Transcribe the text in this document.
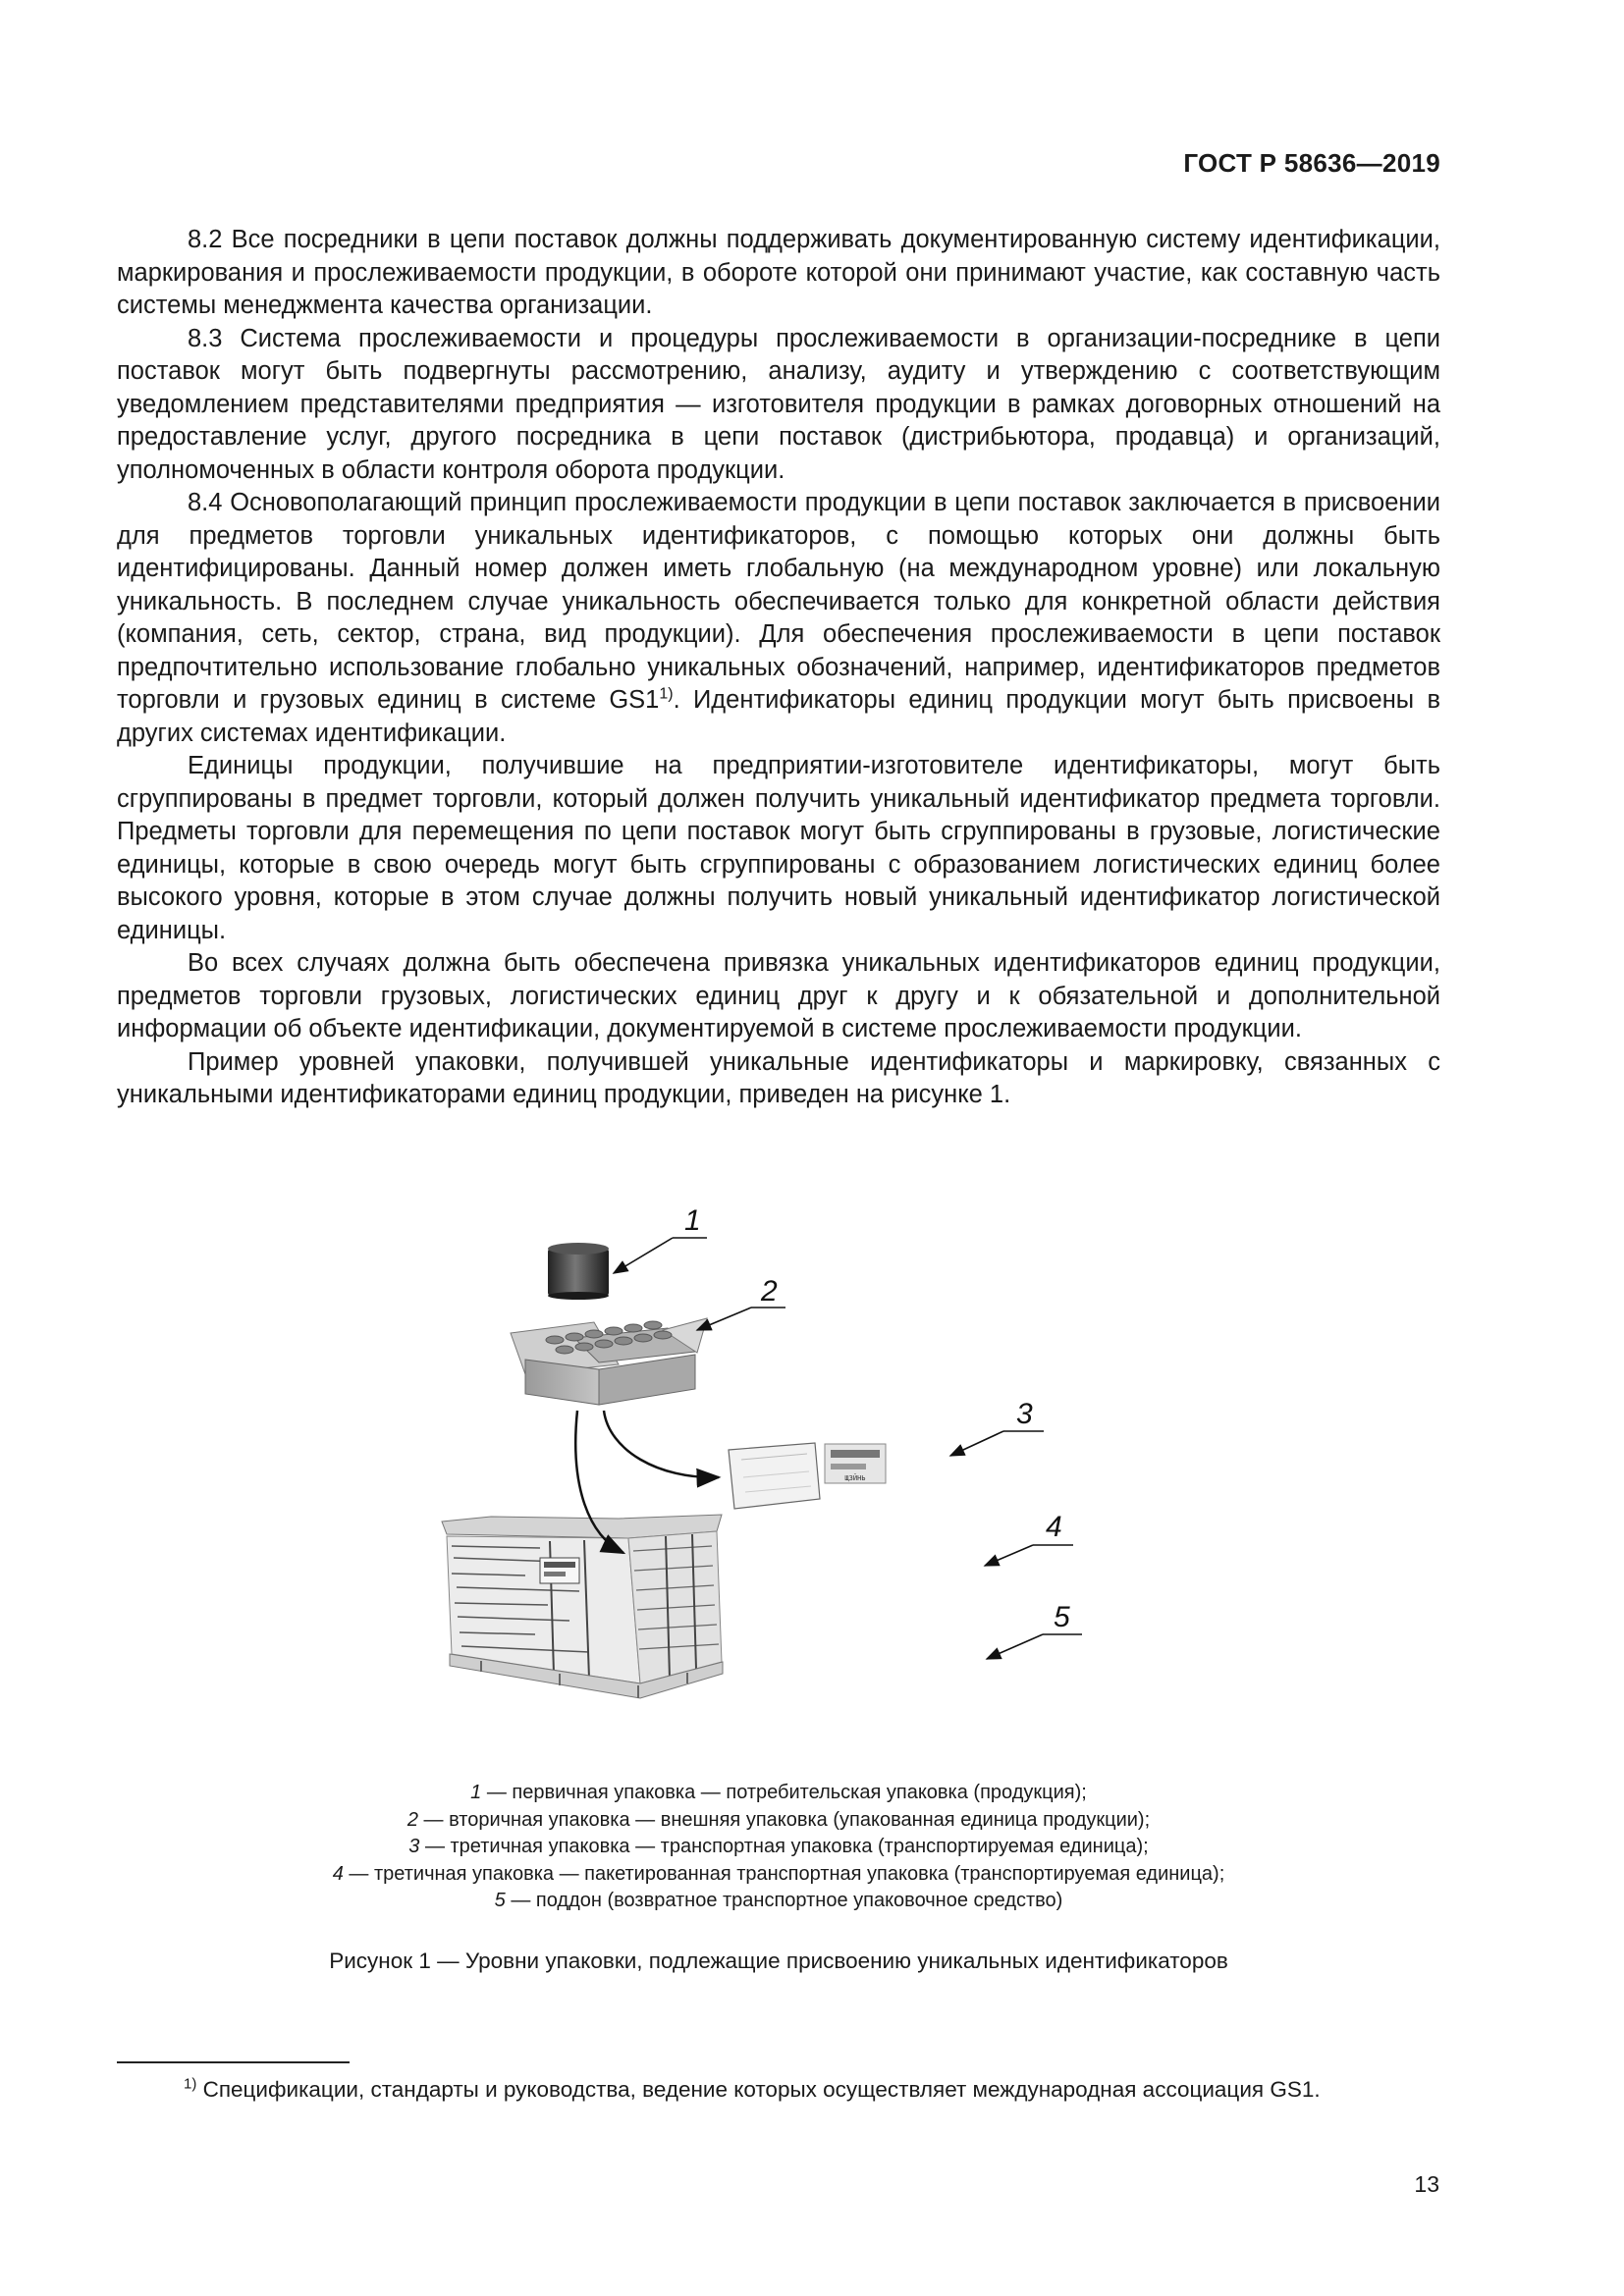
ГОСТ Р 58636—2019

8.2 Все посредники в цепи поставок должны поддерживать документированную систему идентификации, маркирования и прослеживаемости продукции, в обороте которой они принимают участие, как составную часть системы менеджмента качества организации.

8.3 Система прослеживаемости и процедуры прослеживаемости в организации-посреднике в цепи поставок могут быть подвергнуты рассмотрению, анализу, аудиту и утверждению с соответствующим уведомлением представителями предприятия — изготовителя продукции в рамках договорных отношений на предоставление услуг, другого посредника в цепи поставок (дистрибьютора, продавца) и организаций, уполномоченных в области контроля оборота продукции.

8.4 Основополагающий принцип прослеживаемости продукции в цепи поставок заключается в присвоении для предметов торговли уникальных идентификаторов, с помощью которых они должны быть идентифицированы. Данный номер должен иметь глобальную (на международном уровне) или локальную уникальность. В последнем случае уникальность обеспечивается только для конкретной области действия (компания, сеть, сектор, страна, вид продукции). Для обеспечения прослеживаемости в цепи поставок предпочтительно использование глобально уникальных обозначений, например, идентификаторов предметов торговли и грузовых единиц в системе GS1$^{1)}$. Идентификаторы единиц продукции могут быть присвоены в других системах идентификации.

Единицы продукции, получившие на предприятии-изготовителе идентификаторы, могут быть сгруппированы в предмет торговли, который должен получить уникальный идентификатор предмета торговли. Предметы торговли для перемещения по цепи поставок могут быть сгруппированы в грузовые, логистические единицы, которые в свою очередь могут быть сгруппированы с образованием логистических единиц более высокого уровня, которые в этом случае должны получить новый уникальный идентификатор логистической единицы.

Во всех случаях должна быть обеспечена привязка уникальных идентификаторов единиц продукции, предметов торговли грузовых, логистических единиц друг к другу и к обязательной и дополнительной информации об объекте идентификации, документируемой в системе прослеживаемости продукции.

Пример уровней упаковки, получившей уникальные идентификаторы и маркировку, связанных с уникальными идентификаторами единиц продукции, приведен на рисунке 1.

Щ3ЙНЬ
1
2
3
4
5
1 — первичная упаковка — потребительская упаковка (продукция);
2 — вторичная упаковка — внешняя упаковка (упакованная единица продукции);
3 — третичная упаковка — транспортная упаковка (транспортируемая единица);
4 — третичная упаковка — пакетированная транспортная упаковка (транспортируемая единица);
5 — поддон (возвратное транспортное упаковочное средство)
Рисунок 1 — Уровни упаковки, подлежащие присвоению уникальных идентификаторов

$^{1)}$ Спецификации, стандарты и руководства, ведение которых осуществляет международная ассоциация GS1.

13
